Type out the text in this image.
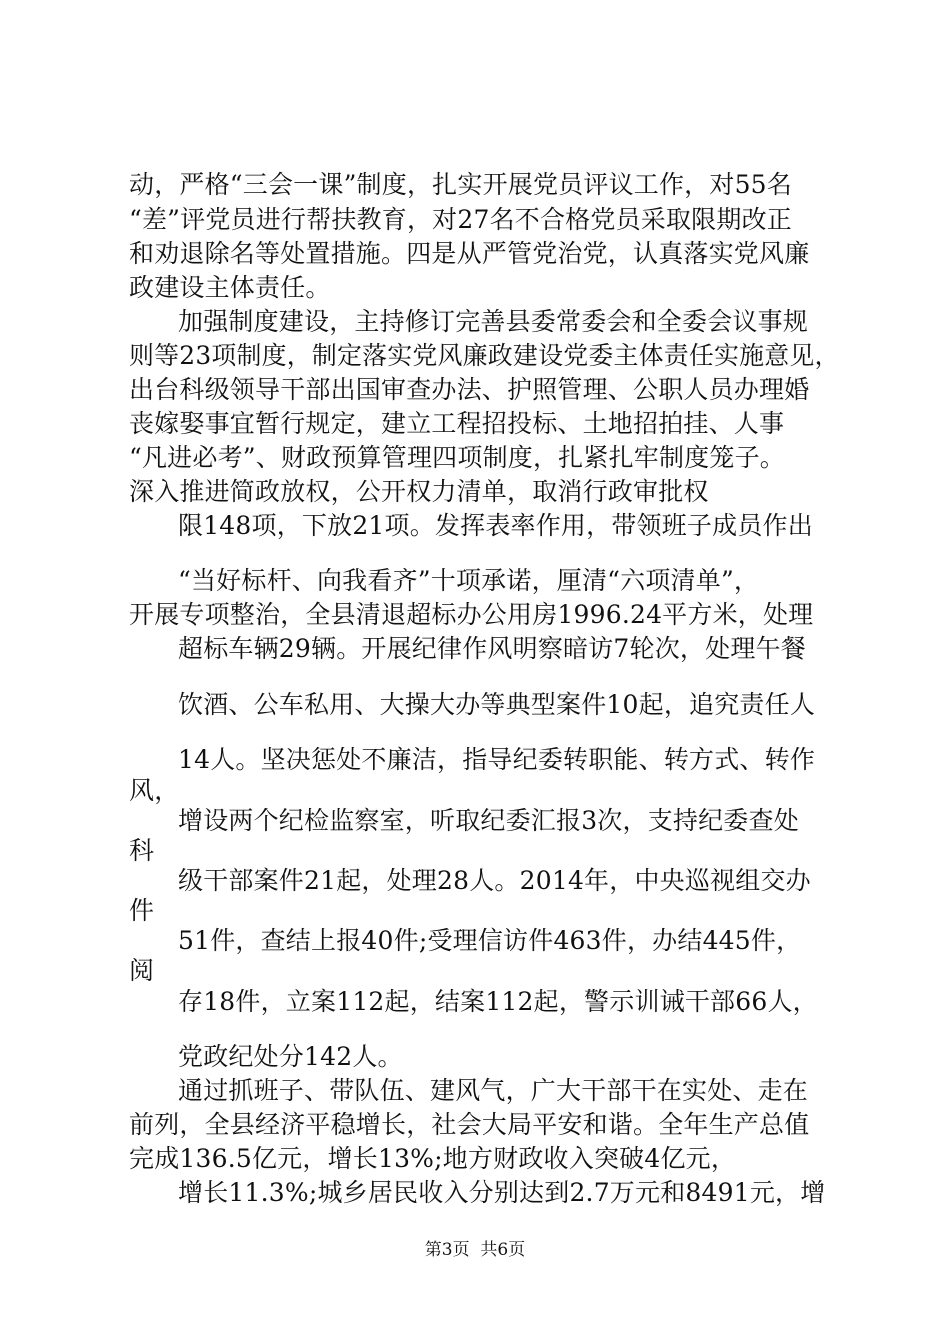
动，严格“三会一课”制度，扎实开展党员评议工作，对55名
“差”评党员进行帮扶教育，对27名不合格党员采取限期改正
和劝退除名等处置措施。四是从严管党治党，认真落实党风廉
政建设主体责任。
加强制度建设，主持修订完善县委常委会和全委会议事规
则等23项制度，制定落实党风廉政建设党委主体责任实施意见，
出台科级领导干部出国审查办法、护照管理、公职人员办理婚
丧嫁娶事宜暂行规定，建立工程招投标、土地招拍挂、人事
“凡进必考”、财政预算管理四项制度，扎紧扎牢制度笼子。
深入推进简政放权，公开权力清单，取消行政审批权
限148项，下放21项。发挥表率作用，带领班子成员作出
“当好标杆、向我看齐”十项承诺，厘清“六项清单”，
开展专项整治，全县清退超标办公用房1996.24平方米，处理
超标车辆29辆。开展纪律作风明察暗访7轮次，处理午餐
饮酒、公车私用、大操大办等典型案件10起，追究责任人
14人。坚决惩处不廉洁，指导纪委转职能、转方式、转作
风，
增设两个纪检监察室，听取纪委汇报3次，支持纪委查处
科
级干部案件21起，处理28人。2014年，中央巡视组交办
件
51件，查结上报40件;受理信访件463件，办结445件，
阅
存18件，立案112起，结案112起，警示训诫干部66人，
党政纪处分142人。
通过抓班子、带队伍、建风气，广大干部干在实处、走在
前列，全县经济平稳增长，社会大局平安和谐。全年生产总值
完成136.5亿元，增长13%;地方财政收入突破4亿元，
增长11.3%;城乡居民收入分别达到2.7万元和8491元，增
第3页  共6页
